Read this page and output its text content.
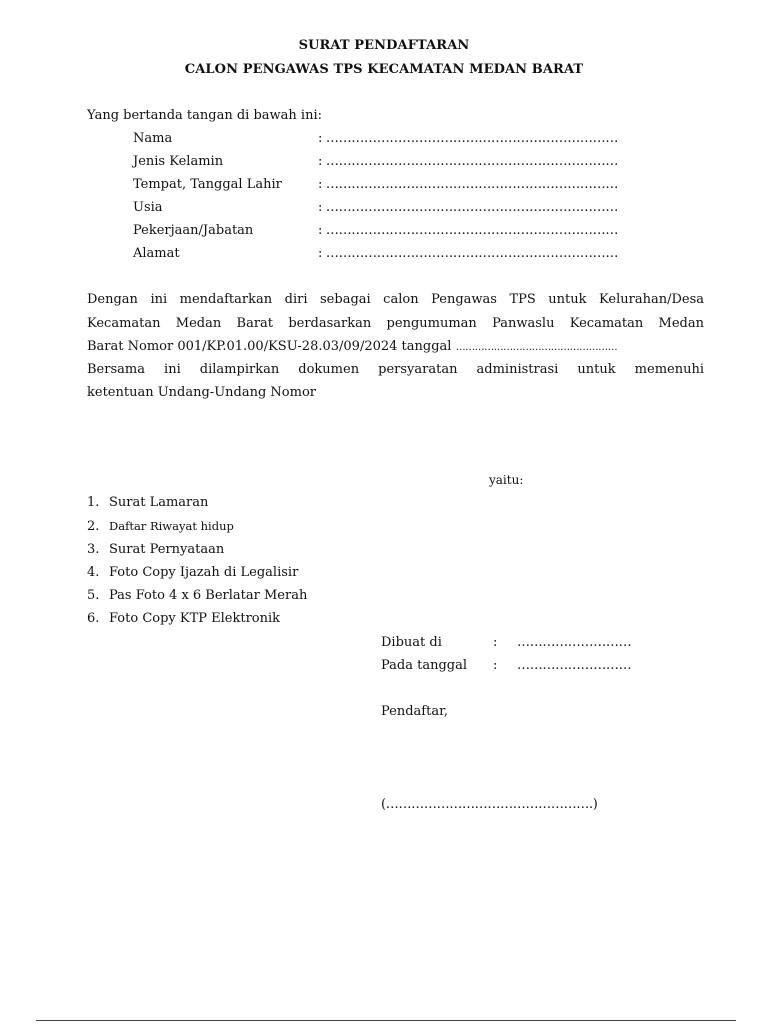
SURAT PENDAFTARAN
CALON PENGAWAS TPS KECAMATAN MEDAN BARAT
Yang bertanda tangan di bawah ini:
Nama	: ……………………………………………………………
Jenis Kelamin	: ……………………………………………………………
Tempat, Tanggal Lahir	: ……………………………………………………………
Usia	: ……………………………………………………………
Pekerjaan/Jabatan	: ……………………………………………………………
Alamat	: ……………………………………………………………
Dengan ini mendaftarkan diri sebagai calon Pengawas TPS untuk Kelurahan/Desa
Kecamatan Medan Barat berdasarkan pengumuman Panwaslu Kecamatan Medan
Barat Nomor 001/KP.01.00/KSU-28.03/09/2024 tanggal ……………………………………………
Bersama ini dilampirkan dokumen persyaratan administrasi untuk memenuhi
ketentuan Undang-Undang Nomor
yaitu:
1. Surat Lamaran
2. Daftar Riwayat hidup
3. Surat Pernyataan
4. Foto Copy Ijazah di Legalisir
5. Pas Foto 4 x 6 Berlatar Merah
6. Foto Copy KTP Elektronik
Dibuat di	: ………………………
Pada tanggal : ………………………
Pendaftar,
(………………………………………….)
